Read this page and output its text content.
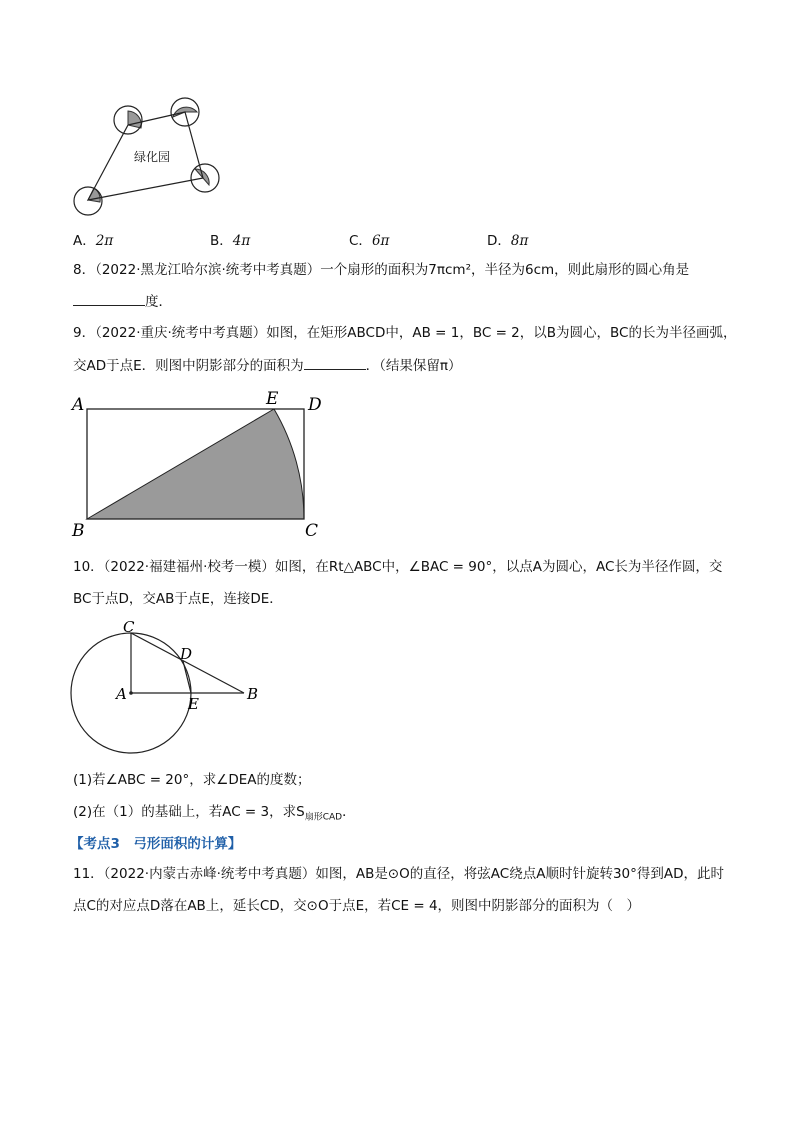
绿化园
A．2π	B．4π	C．6π	D．8π
8．（2022·黑龙江哈尔滨·统考中考真题）一个扇形的面积为7πcm²，半径为6cm，则此扇形的圆心角是
度．
9．（2022·重庆·统考中考真题）如图，在矩形ABCD中，AB = 1，BC = 2，以B为圆心，BC的长为半径画弧，
交AD于点E．则图中阴影部分的面积为	．（结果保留π）
A
B	C
D
E
10．（2022·福建福州·校考一模）如图，在Rt△ABC中，∠BAC = 90°，以点A为圆心，AC长为半径作圆，交
BC于点D，交AB于点E，连接DE．
C
D
A
E
B
(1)若∠ABC = 20°，求∠DEA的度数；
(2)在（1）的基础上，若AC = 3，求$S_{扇形CAD}$．
【考点3　弓形面积的计算】
11．（2022·内蒙古赤峰·统考中考真题）如图，AB是⊙O的直径，将弦AC绕点A顺时针旋转30°得到AD，此时
点C的对应点D落在AB上，延长CD，交⊙O于点E，若CE = 4，则图中阴影部分的面积为（　）
